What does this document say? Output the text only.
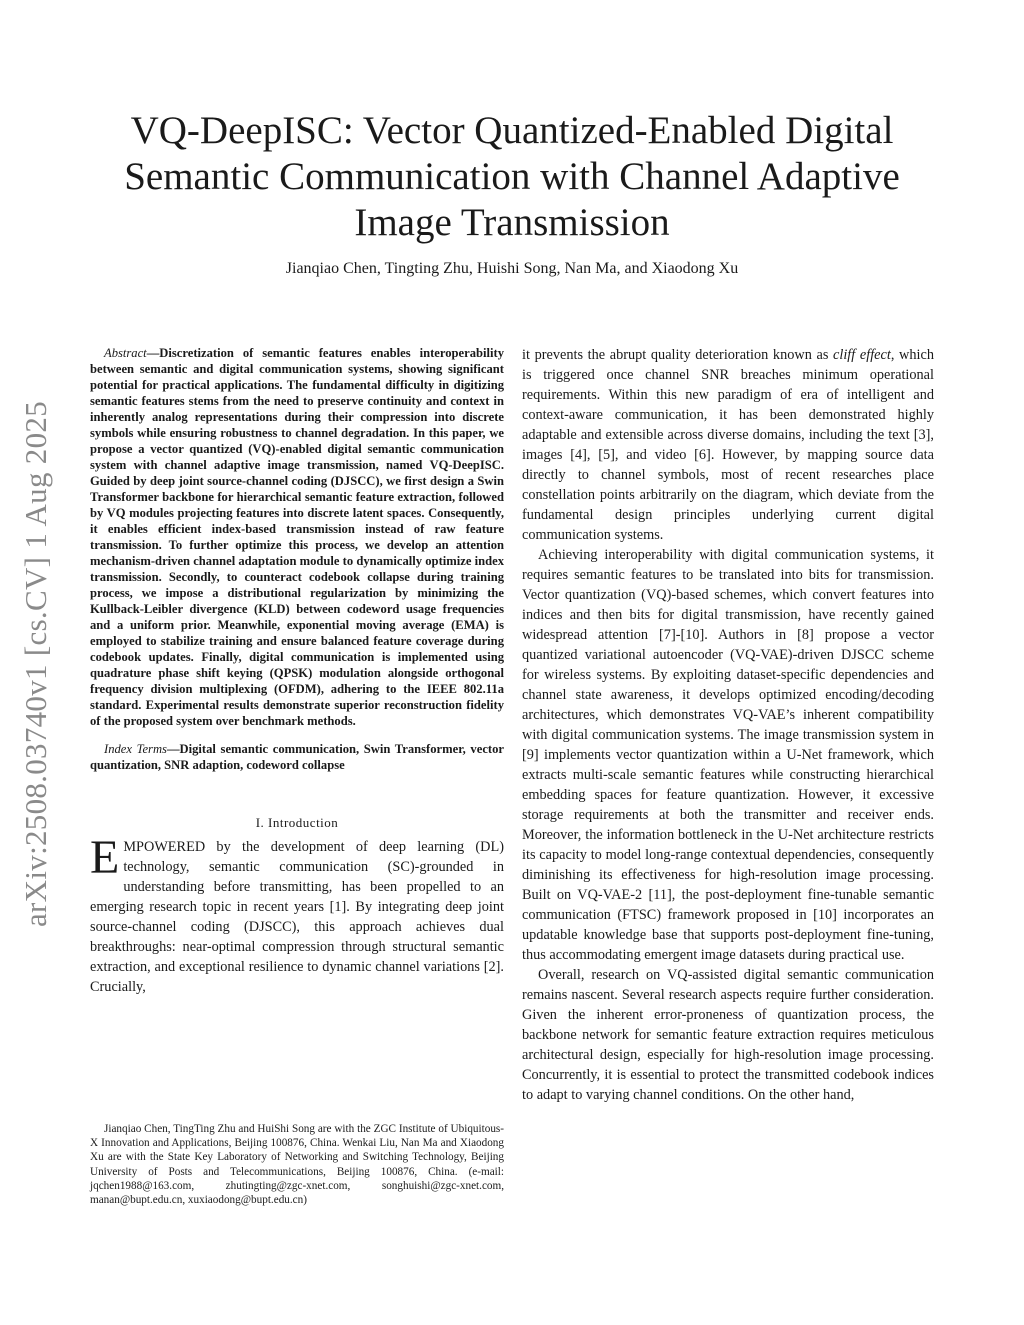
arXiv:2508.03740v1 [cs.CV] 1 Aug 2025
VQ-DeepISC: Vector Quantized-Enabled Digital
Semantic Communication with Channel Adaptive
Image Transmission
Jianqiao Chen, Tingting Zhu, Huishi Song, Nan Ma, and Xiaodong Xu

Abstract—Discretization of semantic features enables interoperability between semantic and digital communication systems, showing significant potential for practical applications. The fundamental difficulty in digitizing semantic features stems from the need to preserve continuity and context in inherently analog representations during their compression into discrete symbols while ensuring robustness to channel degradation. In this paper, we propose a vector quantized (VQ)-enabled digital semantic communication system with channel adaptive image transmission, named VQ-DeepISC. Guided by deep joint source-channel coding (DJSCC), we first design a Swin Transformer backbone for hierarchical semantic feature extraction, followed by VQ modules projecting features into discrete latent spaces. Consequently, it enables efficient index-based transmission instead of raw feature transmission. To further optimize this process, we develop an attention mechanism-driven channel adaptation module to dynamically optimize index transmission. Secondly, to counteract codebook collapse during training process, we impose a distributional regularization by minimizing the Kullback-Leibler divergence (KLD) between codeword usage frequencies and a uniform prior. Meanwhile, exponential moving average (EMA) is employed to stabilize training and ensure balanced feature coverage during codebook updates. Finally, digital communication is implemented using quadrature phase shift keying (QPSK) modulation alongside orthogonal frequency division multiplexing (OFDM), adhering to the IEEE 802.11a standard. Experimental results demonstrate superior reconstruction fidelity of the proposed system over benchmark methods.

Index Terms—Digital semantic communication, Swin Transformer, vector quantization, SNR adaption, codeword collapse

I. Introduction

EMPOWERED by the development of deep learning (DL) technology, semantic communication (SC)-grounded in understanding before transmitting, has been propelled to an emerging research topic in recent years [1]. By integrating deep joint source-channel coding (DJSCC), this approach achieves dual breakthroughs: near-optimal compression through structural semantic extraction, and exceptional resilience to dynamic channel variations [2]. Crucially,

Jianqiao Chen, TingTing Zhu and HuiShi Song are with the ZGC Institute of Ubiquitous-X Innovation and Applications, Beijing 100876, China. Wenkai Liu, Nan Ma and Xiaodong Xu are with the State Key Laboratory of Networking and Switching Technology, Beijing University of Posts and Telecommunications, Beijing 100876, China. (e-mail: jqchen1988@163.com, zhutingting@zgc-xnet.com, songhuishi@zgc-xnet.com, manan@bupt.edu.cn, xuxiaodong@bupt.edu.cn)

it prevents the abrupt quality deterioration known as cliff effect, which is triggered once channel SNR breaches minimum operational requirements. Within this new paradigm of era of intelligent and context-aware communication, it has been demonstrated highly adaptable and extensible across diverse domains, including the text [3], images [4], [5], and video [6]. However, by mapping source data directly to channel symbols, most of recent researches place constellation points arbitrarily on the diagram, which deviate from the fundamental design principles underlying current digital communication systems.

Achieving interoperability with digital communication systems, it requires semantic features to be translated into bits for transmission. Vector quantization (VQ)-based schemes, which convert features into indices and then bits for digital transmission, have recently gained widespread attention [7]-[10]. Authors in [8] propose a vector quantized variational autoencoder (VQ-VAE)-driven DJSCC scheme for wireless systems. By exploiting dataset-specific dependencies and channel state awareness, it develops optimized encoding/decoding architectures, which demonstrates VQ-VAE’s inherent compatibility with digital communication systems. The image transmission system in [9] implements vector quantization within a U-Net framework, which extracts multi-scale semantic features while constructing hierarchical embedding spaces for feature quantization. However, it excessive storage requirements at both the transmitter and receiver ends. Moreover, the information bottleneck in the U-Net architecture restricts its capacity to model long-range contextual dependencies, consequently diminishing its effectiveness for high-resolution image processing. Built on VQ-VAE-2 [11], the post-deployment fine-tunable semantic communication (FTSC) framework proposed in [10] incorporates an updatable knowledge base that supports post-deployment fine-tuning, thus accommodating emergent image datasets during practical use.

Overall, research on VQ-assisted digital semantic communication remains nascent. Several research aspects require further consideration. Given the inherent error-proneness of quantization process, the backbone network for semantic feature extraction requires meticulous architectural design, especially for high-resolution image processing. Concurrently, it is essential to protect the transmitted codebook indices to adapt to varying channel conditions. On the other hand,
